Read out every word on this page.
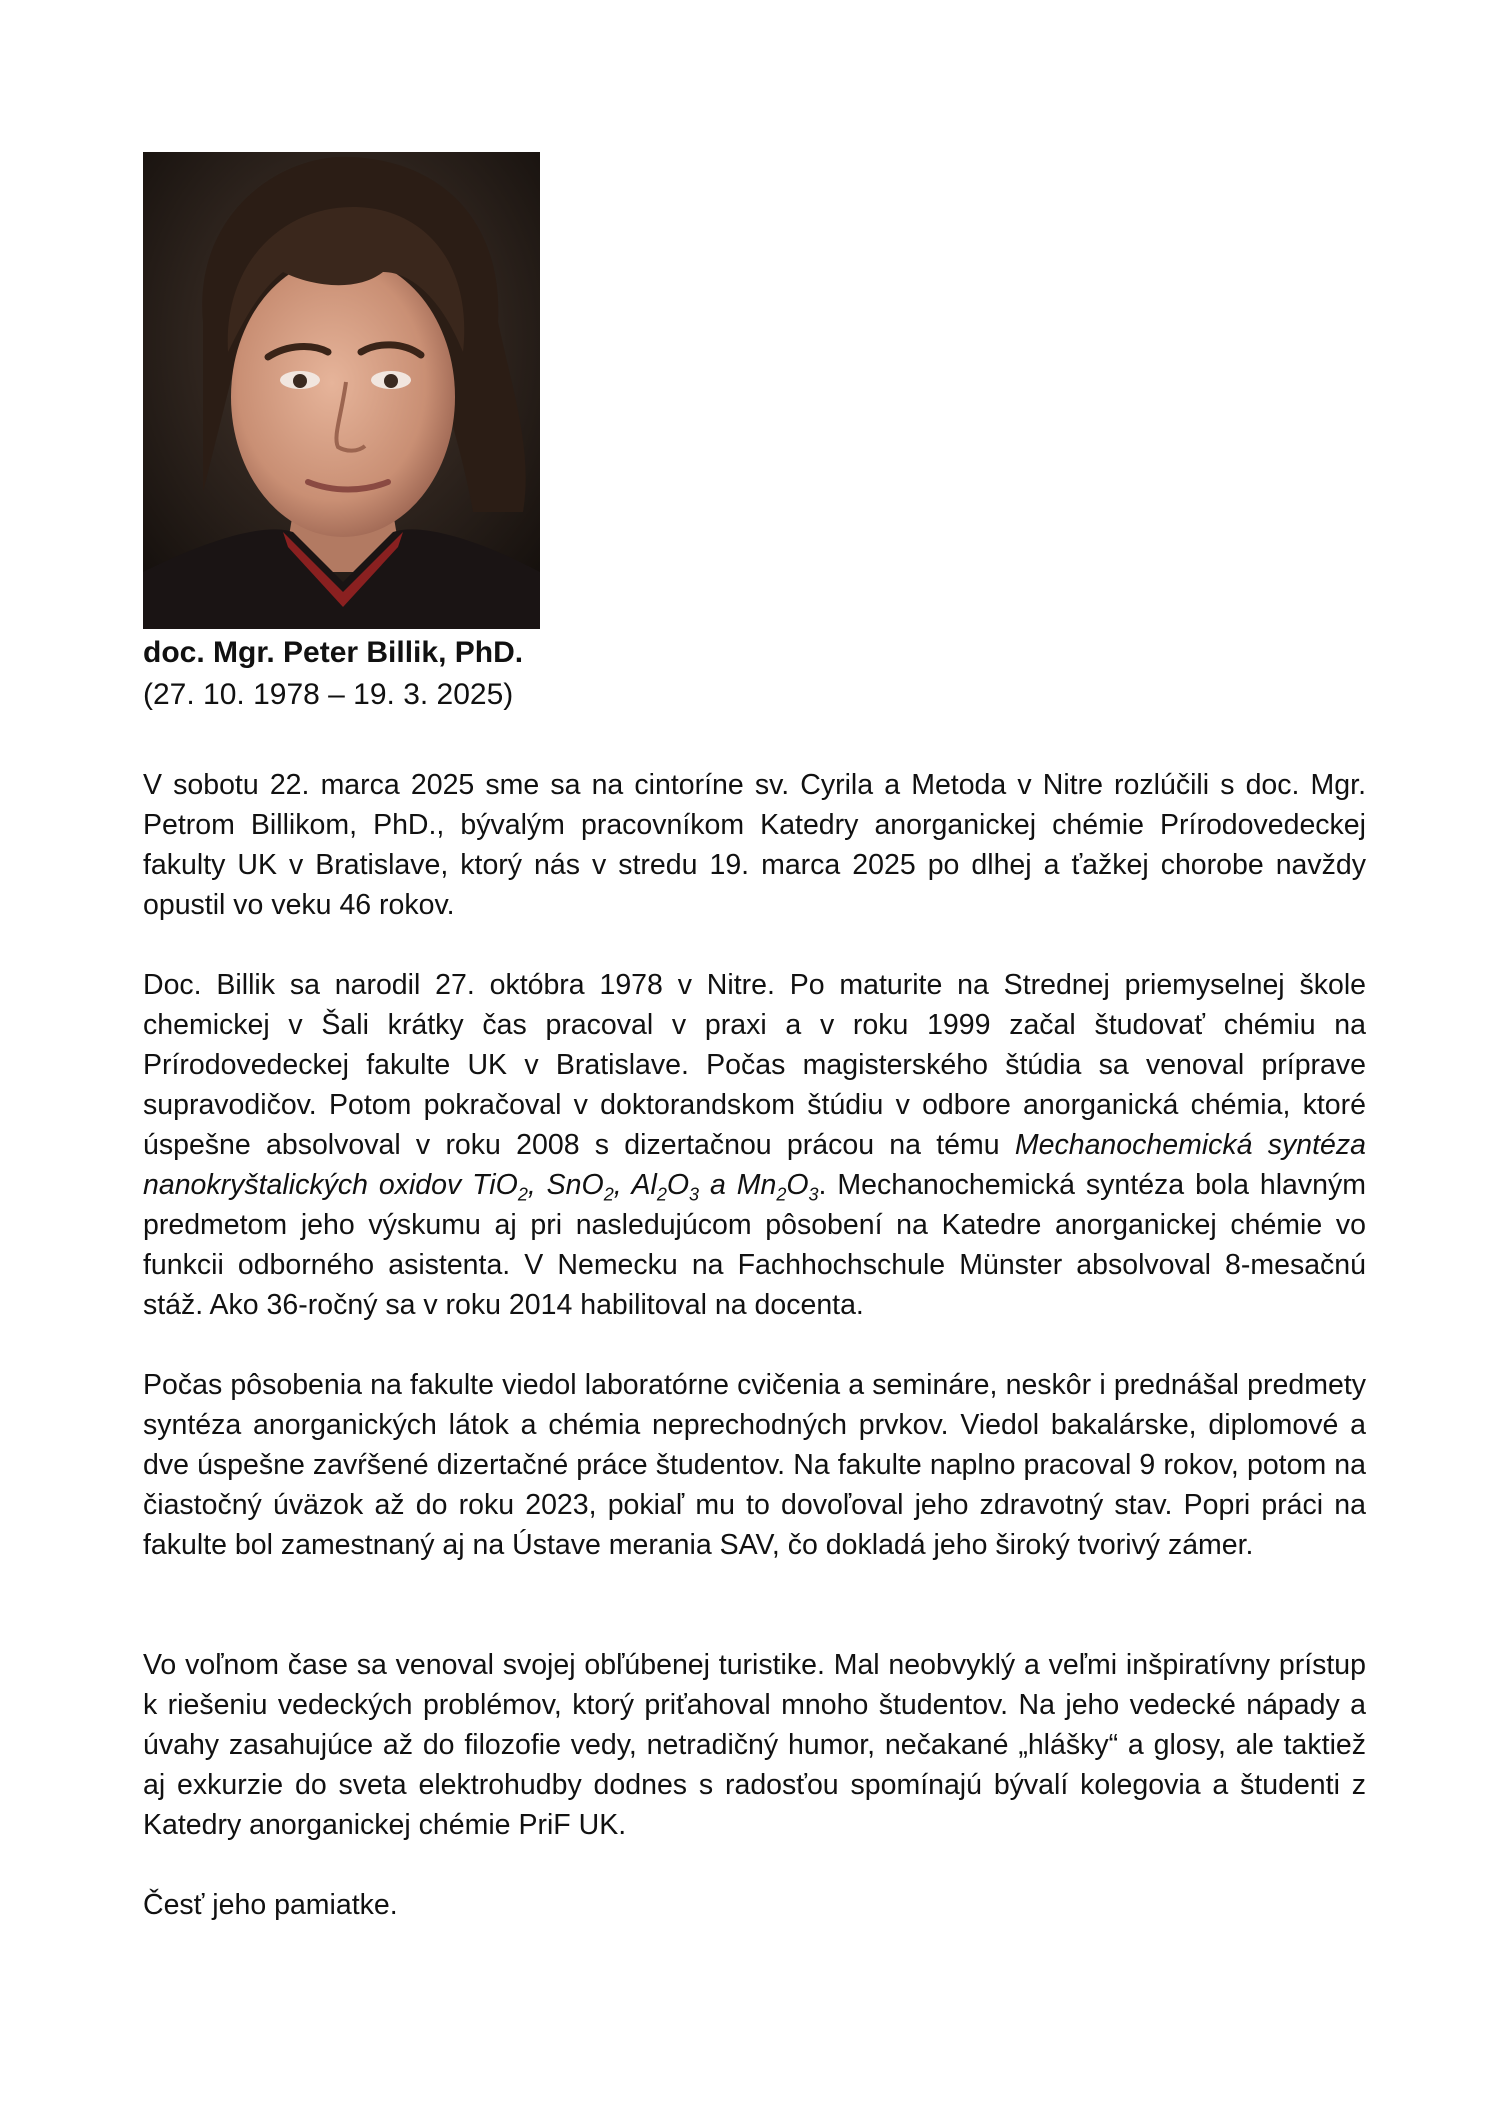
doc. Mgr. Peter Billik, PhD.

(27. 10. 1978 – 19. 3. 2025)

V sobotu 22. marca 2025 sme sa na cintoríne sv. Cyrila a Metoda v Nitre rozlúčili s doc. Mgr. Petrom Billikom, PhD., bývalým pracovníkom Katedry anorganickej chémie Prírodovedeckej fakulty UK v Bratislave, ktorý nás v stredu 19. marca 2025 po dlhej a ťažkej chorobe navždy opustil vo veku 46 rokov.

Doc. Billik sa narodil 27. októbra 1978 v Nitre. Po maturite na Strednej priemyselnej škole chemickej v Šali krátky čas pracoval v praxi a v roku 1999 začal študovať chémiu na Prírodovedeckej fakulte UK v Bratislave. Počas magisterského štúdia sa venoval príprave supravodičov. Potom pokračoval v doktorandskom štúdiu v odbore anorganická chémia, ktoré úspešne absolvoval v roku 2008 s dizertačnou prácou na tému Mechanochemická syntéza nanokryštalických oxidov TiO$_2$, SnO$_2$, $Al_2O_3$ a $Mn_2O_3$. Mechanochemická syntéza bola hlavným predmetom jeho výskumu aj pri nasledujúcom pôsobení na Katedre anorganickej chémie vo funkcii odborného asistenta. V Nemecku na Fachhochschule Münster absolvoval 8-mesačnú stáž. Ako 36-ročný sa v roku 2014 habilitoval na docenta.

Počas pôsobenia na fakulte viedol laboratórne cvičenia a semináre, neskôr i prednášal predmety syntéza anorganických látok a chémia neprechodných prvkov. Viedol bakalárske, diplomové a dve úspešne zavŕšené dizertačné práce študentov. Na fakulte naplno pracoval 9 rokov, potom na čiastočný úväzok až do roku 2023, pokiaľ mu to dovoľoval jeho zdravotný stav. Popri práci na fakulte bol zamestnaný aj na Ústave merania SAV, čo dokladá jeho široký tvorivý zámer.

Vo voľnom čase sa venoval svojej obľúbenej turistike. Mal neobvyklý a veľmi inšpiratívny prístup k riešeniu vedeckých problémov, ktorý priťahoval mnoho študentov. Na jeho vedecké nápady a úvahy zasahujúce až do filozofie vedy, netradičný humor, nečakané „hlášky“ a glosy, ale taktiež aj exkurzie do sveta elektrohudby dodnes s radosťou spomínajú bývalí kolegovia a študenti z Katedry anorganickej chémie PriF UK.

Česť jeho pamiatke.
